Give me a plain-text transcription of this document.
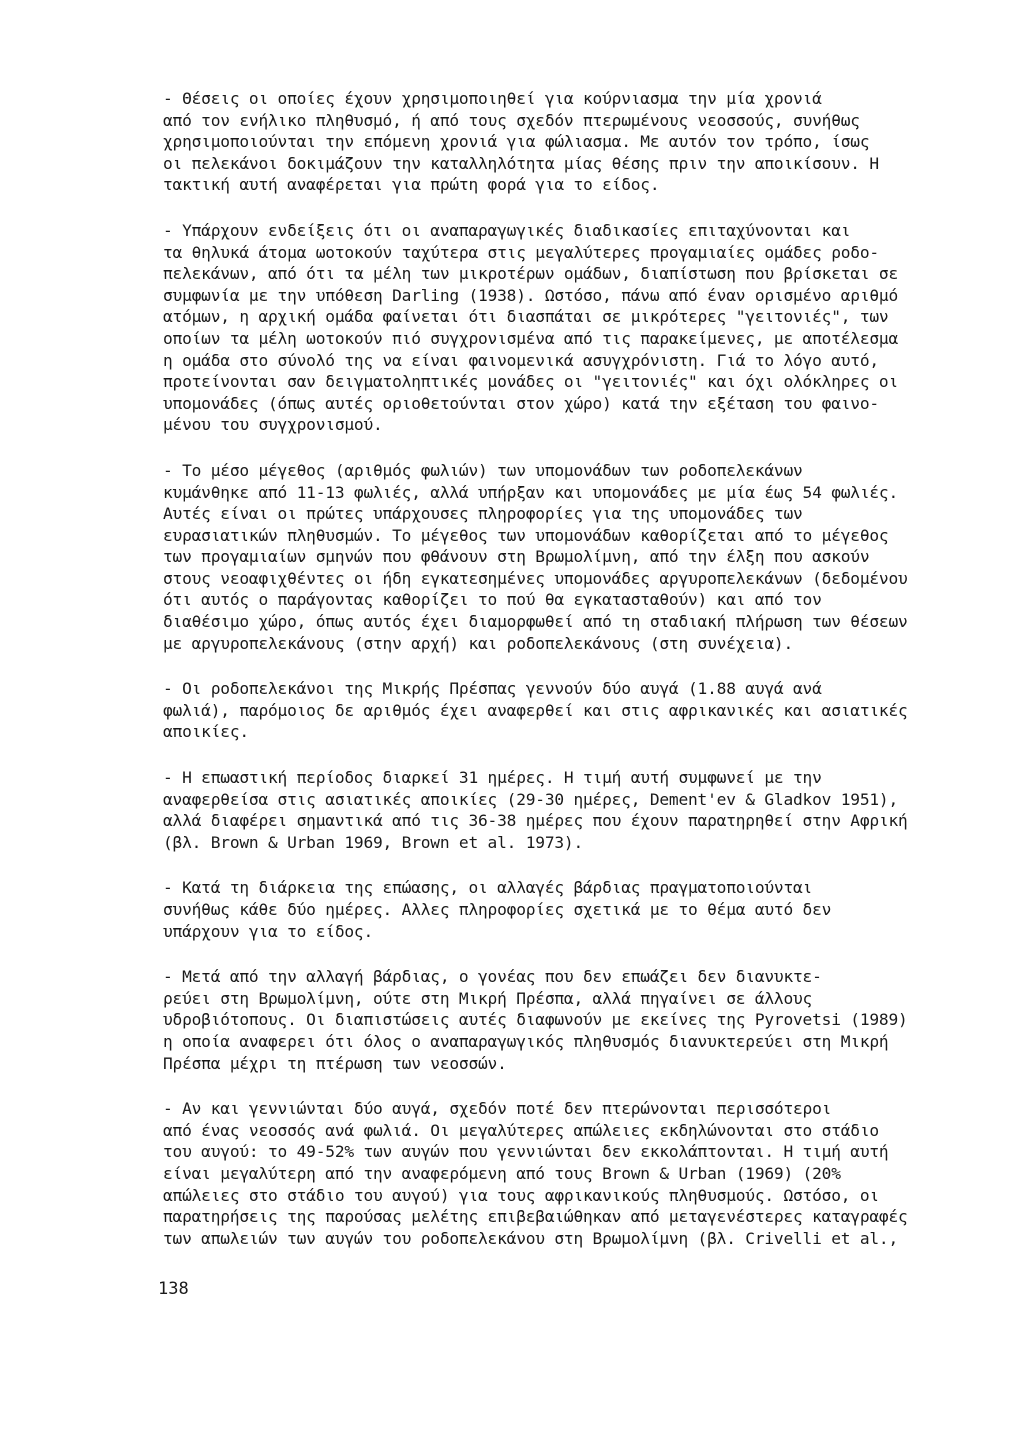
- Θέσεις οι οποίες έχουν χρησιμοποιηθεί για κούρνιασμα την μία χρονιά
από τον ενήλικο πληθυσμό, ή από τους σχεδόν πτερωμένους νεοσσούς, συνήθως
χρησιμοποιούνται την επόμενη χρονιά για φώλιασμα. Με αυτόν τον τρόπο, ίσως
οι πελεκάνοι δοκιμάζουν την καταλληλότητα μίας θέσης πριν την αποικίσουν. Η
τακτική αυτή αναφέρεται για πρώτη φορά για το είδος.

- Υπάρχουν ενδείξεις ότι οι αναπαραγωγικές διαδικασίες επιταχύνονται και
τα θηλυκά άτομα ωοτοκούν ταχύτερα στις μεγαλύτερες προγαμιαίες ομάδες ροδο-
πελεκάνων, από ότι τα μέλη των μικροτέρων ομάδων, διαπίστωση που βρίσκεται σε
συμφωνία με την υπόθεση Darling (1938). Ωστόσο, πάνω από έναν ορισμένο αριθμό
ατόμων, η αρχική ομάδα φαίνεται ότι διασπάται σε μικρότερες "γειτονιές", των
οποίων τα μέλη ωοτοκούν πιό συγχρονισμένα από τις παρακείμενες, με αποτέλεσμα
η ομάδα στο σύνολό της να είναι φαινομενικά ασυγχρόνιστη. Γιά το λόγο αυτό,
προτείνονται σαν δειγματοληπτικές μονάδες οι "γειτονιές" και όχι ολόκληρες οι
υπομονάδες (όπως αυτές οριοθετούνται στον χώρο) κατά την εξέταση του φαινο-
μένου του συγχρονισμού.

- Το μέσο μέγεθος (αριθμός φωλιών) των υπομονάδων των ροδοπελεκάνων
κυμάνθηκε από 11-13 φωλιές, αλλά υπήρξαν και υπομονάδες με μία έως 54 φωλιές.
Αυτές είναι οι πρώτες υπάρχουσες πληροφορίες για της υπομονάδες των
ευρασιατικών πληθυσμών. Το μέγεθος των υπομονάδων καθορίζεται από το μέγεθος
των προγαμιαίων σμηνών που φθάνουν στη Βρωμολίμνη, από την έλξη που ασκούν
στους νεοαφιχθέντες οι ήδη εγκατεσημένες υπομονάδες αργυροπελεκάνων (δεδομένου
ότι αυτός ο παράγοντας καθορίζει το πού θα εγκατασταθούν) και από τον
διαθέσιμο χώρο, όπως αυτός έχει διαμορφωθεί από τη σταδιακή πλήρωση των θέσεων
με αργυροπελεκάνους (στην αρχή) και ροδοπελεκάνους (στη συνέχεια).

- Οι ροδοπελεκάνοι της Μικρής Πρέσπας γεννούν δύο αυγά (1.88 αυγά ανά
φωλιά), παρόμοιος δε αριθμός έχει αναφερθεί και στις αφρικανικές και ασιατικές
αποικίες.

- Η επωαστική περίοδος διαρκεί 31 ημέρες. Η τιμή αυτή συμφωνεί με την
αναφερθείσα στις ασιατικές αποικίες (29-30 ημέρες, Dement'ev & Gladkov 1951),
αλλά διαφέρει σημαντικά από τις 36-38 ημέρες που έχουν παρατηρηθεί στην Αφρική
(βλ. Brown & Urban 1969, Brown et al. 1973).

- Κατά τη διάρκεια της επώασης, οι αλλαγές βάρδιας πραγματοποιούνται
συνήθως κάθε δύο ημέρες. Αλλες πληροφορίες σχετικά με το θέμα αυτό δεν
υπάρχουν για το είδος.

- Μετά από την αλλαγή βάρδιας, ο γονέας που δεν επωάζει δεν διανυκτε-
ρεύει στη Βρωμολίμνη, ούτε στη Μικρή Πρέσπα, αλλά πηγαίνει σε άλλους
υδροβιότοπους. Οι διαπιστώσεις αυτές διαφωνούν με εκείνες της Pyrovetsi (1989)
η οποία αναφερει ότι όλος ο αναπαραγωγικός πληθυσμός διανυκτερεύει στη Μικρή
Πρέσπα μέχρι τη πτέρωση των νεοσσών.

- Αν και γεννιώνται δύο αυγά, σχεδόν ποτέ δεν πτερώνονται περισσότεροι
από ένας νεοσσός ανά φωλιά. Οι μεγαλύτερες απώλειες εκδηλώνονται στο στάδιο
του αυγού: το 49-52% των αυγών που γεννιώνται δεν εκκολάπτονται. Η τιμή αυτή
είναι μεγαλύτερη από την αναφερόμενη από τους Brown & Urban (1969) (20%
απώλειες στο στάδιο του αυγού) για τους αφρικανικούς πληθυσμούς. Ωστόσο, οι
παρατηρήσεις της παρούσας μελέτης επιβεβαιώθηκαν από μεταγενέστερες καταγραφές
των απωλειών των αυγών του ροδοπελεκάνου στη Βρωμολίμνη (βλ. Crivelli et al.,

138
